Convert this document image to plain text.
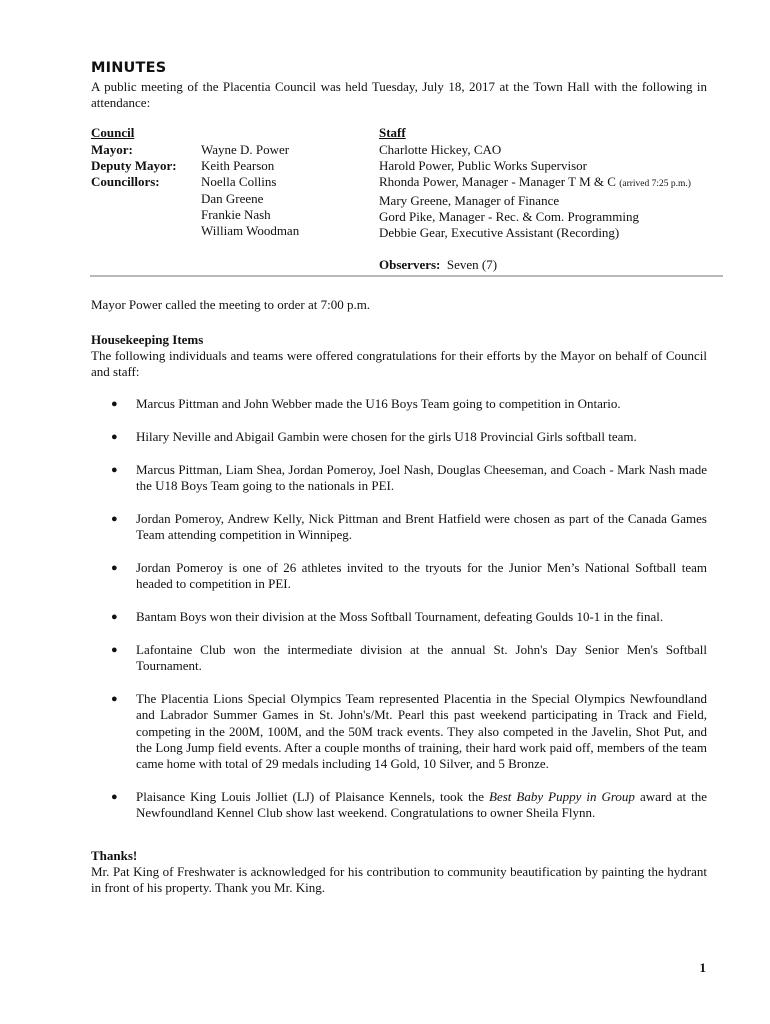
MINUTES

A public meeting of the Placentia Council was held Tuesday, July 18, 2017 at the Town Hall with the following in attendance:

Council
Mayor:
Deputy Mayor:
Councillors:

Wayne D. Power
Keith Pearson
Noella Collins
Dan Greene
Frankie Nash
William Woodman
Staff
Charlotte Hickey, CAO
Harold Power, Public Works Supervisor
Rhonda Power, Manager - Manager T M & C (arrived 7:25 p.m.)
Mary Greene, Manager of Finance
Gord Pike, Manager - Rec. & Com. Programming
Debbie Gear, Executive Assistant (Recording)
Observers: Seven (7)

Mayor Power called the meeting to order at 7:00 p.m.

Housekeeping Items

The following individuals and teams were offered congratulations for their efforts by the Mayor on behalf of Council and staff:

● Marcus Pittman and John Webber made the U16 Boys Team going to competition in Ontario.
● Hilary Neville and Abigail Gambin were chosen for the girls U18 Provincial Girls softball team.
● Marcus Pittman, Liam Shea, Jordan Pomeroy, Joel Nash, Douglas Cheeseman, and Coach - Mark Nash made the U18 Boys Team going to the nationals in PEI.
● Jordan Pomeroy, Andrew Kelly, Nick Pittman and Brent Hatfield were chosen as part of the Canada Games Team attending competition in Winnipeg.
● Jordan Pomeroy is one of 26 athletes invited to the tryouts for the Junior Men’s National Softball team headed to competition in PEI.
● Bantam Boys won their division at the Moss Softball Tournament, defeating Goulds 10-1 in the final.
● Lafontaine Club won the intermediate division at the annual St. John's Day Senior Men's Softball Tournament.
● The Placentia Lions Special Olympics Team represented Placentia in the Special Olympics Newfoundland and Labrador Summer Games in St. John's/Mt. Pearl this past weekend participating in Track and Field, competing in the 200M, 100M, and the 50M track events. They also competed in the Javelin, Shot Put, and the Long Jump field events. After a couple months of training, their hard work paid off, members of the team came home with total of 29 medals including 14 Gold, 10 Silver, and 5 Bronze.
● Plaisance King Louis Jolliet (LJ) of Plaisance Kennels, took the Best Baby Puppy in Group award at the Newfoundland Kennel Club show last weekend. Congratulations to owner Sheila Flynn.

Thanks!

Mr. Pat King of Freshwater is acknowledged for his contribution to community beautification by painting the hydrant in front of his property. Thank you Mr. King.

1
